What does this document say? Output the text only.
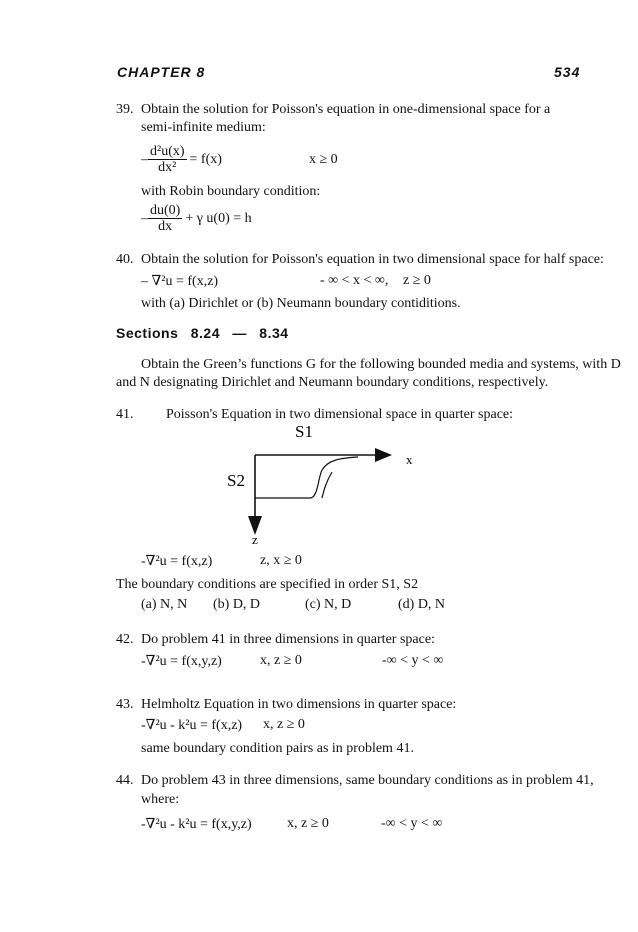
CHAPTER 8	534
39. Obtain the solution for Poisson's equation in one-dimensional space for a
semi-infinite medium:
– $\frac{\text{d²u(x)}}{\text{dx²}} = f(x)$	x ≥ 0
with Robin boundary condition:
– $\frac{du(0)}{dx} + \gamma$ u(0) = h
40. Obtain the solution for Poisson's equation in two dimensional space for half space:
– ∇²u = f(x,z)	- ∞ < x < ∞, z ≥ 0
with (a) Dirichlet or (b) Neumann boundary contiditions.
Sections 8.24 — 8.34
Obtain the Green’s functions G for the following bounded media and systems, with D
and N designating Dirichlet and Neumann boundary conditions, respectively.
41. Poisson's Equation in two dimensional space in quarter space:
S1
x
S2
z
-∇²u = f(x,z)	z, x ≥ 0
The boundary conditions are specified in order S1, S2
(a) N, N (b) D, D	(c) N, D	(d) D, N
42. Do problem 41 in three dimensions in quarter space:
-∇²u = f(x,y,z)	x, z ≥ 0	-∞ < y < ∞
43. Helmholtz Equation in two dimensions in quarter space:
-∇²u - k²u = f(x,z) x, z ≥ 0
same boundary condition pairs as in problem 41.
44. Do problem 43 in three dimensions, same boundary conditions as in problem 41,
where:
-∇²u - k²u = f(x,y,z)	x, z ≥ 0	-∞ < y < ∞
